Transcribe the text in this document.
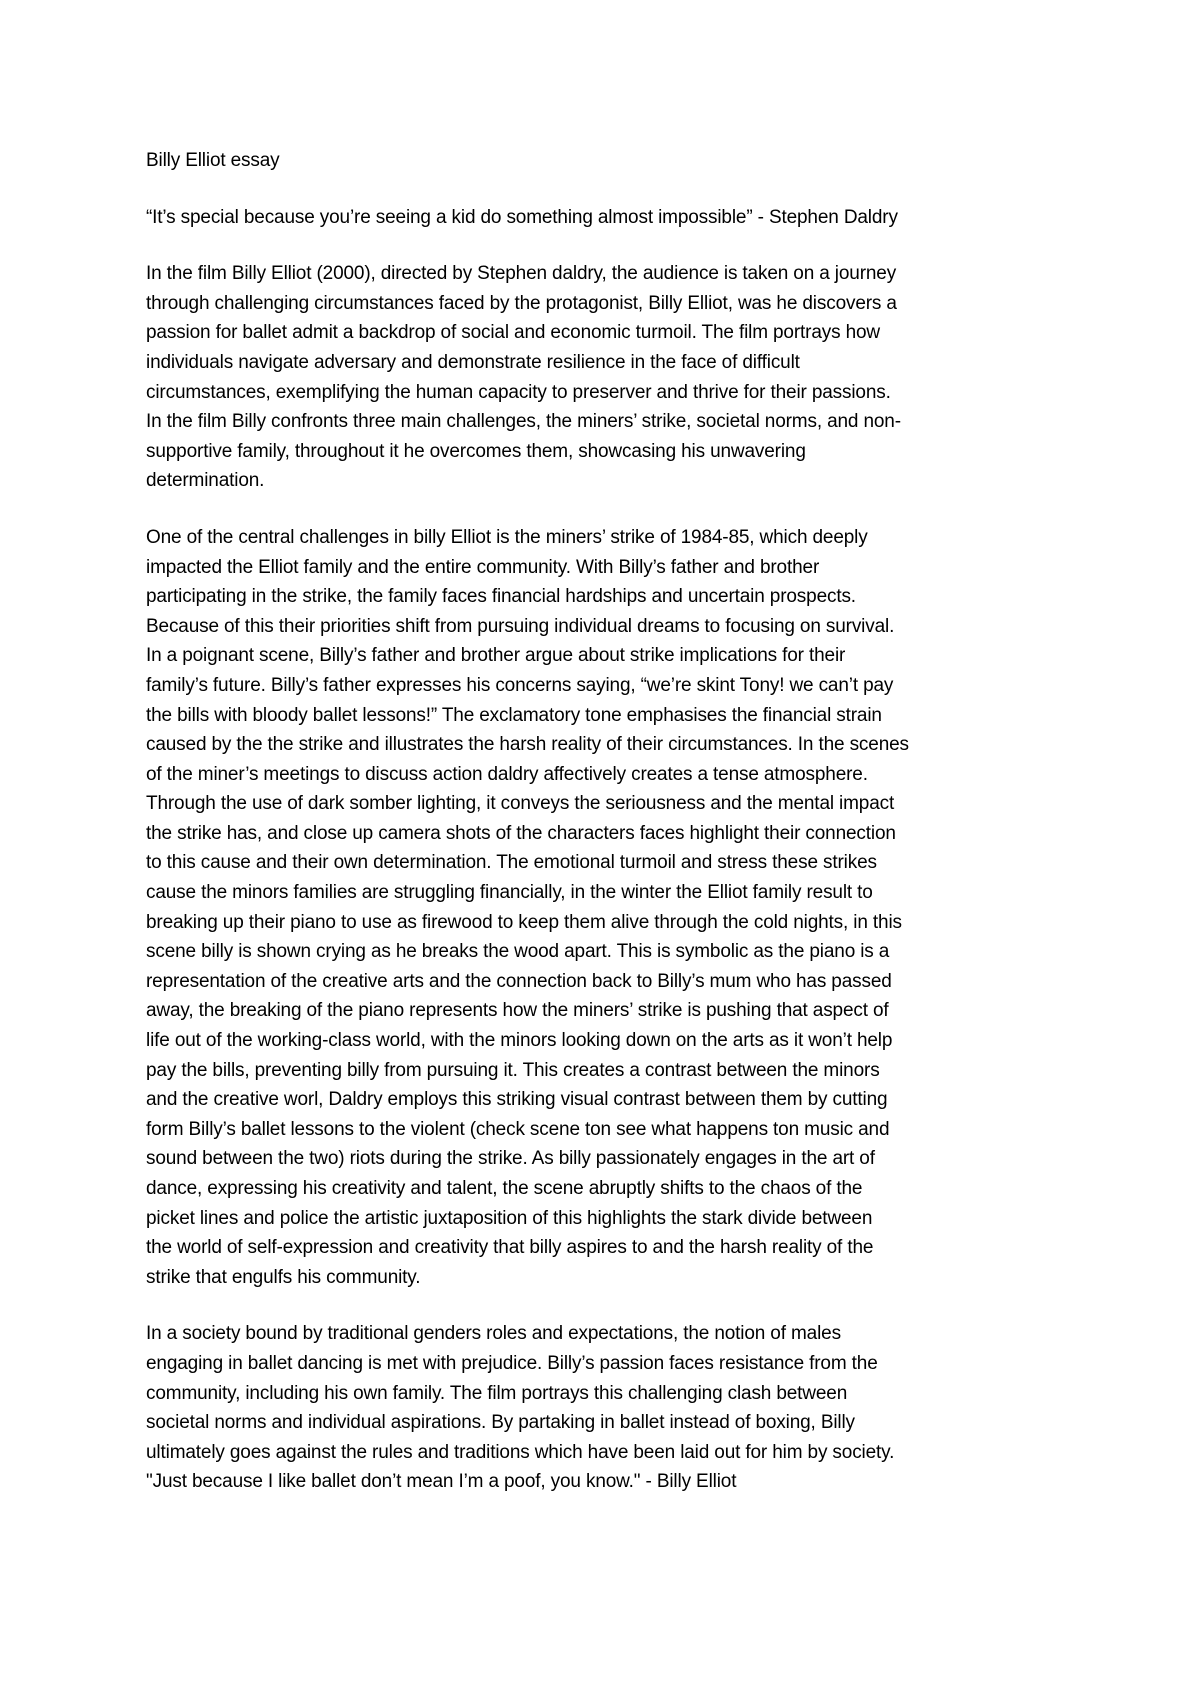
Billy Elliot essay

“It’s special because you’re seeing a kid do something almost impossible” - Stephen Daldry

In the film Billy Elliot (2000), directed by Stephen daldry, the audience is taken on a journey
through challenging circumstances faced by the protagonist, Billy Elliot, was he discovers a
passion for ballet admit a backdrop of social and economic turmoil. The film portrays how
individuals navigate adversary and demonstrate resilience in the face of difficult
circumstances, exemplifying the human capacity to preserver and thrive for their passions.
In the film Billy confronts three main challenges, the miners’ strike, societal norms, and non-
supportive family, throughout it he overcomes them, showcasing his unwavering
determination.

One of the central challenges in billy Elliot is the miners’ strike of 1984-85, which deeply
impacted the Elliot family and the entire community. With Billy’s father and brother
participating in the strike, the family faces financial hardships and uncertain prospects.
Because of this their priorities shift from pursuing individual dreams to focusing on survival.
In a poignant scene, Billy’s father and brother argue about strike implications for their
family’s future. Billy’s father expresses his concerns saying, “we’re skint Tony! we can’t pay
the bills with bloody ballet lessons!” The exclamatory tone emphasises the financial strain
caused by the the strike and illustrates the harsh reality of their circumstances. In the scenes
of the miner’s meetings to discuss action daldry affectively creates a tense atmosphere.
Through the use of dark somber lighting, it conveys the seriousness and the mental impact
the strike has, and close up camera shots of the characters faces highlight their connection
to this cause and their own determination. The emotional turmoil and stress these strikes
cause the minors families are struggling financially, in the winter the Elliot family result to
breaking up their piano to use as firewood to keep them alive through the cold nights, in this
scene billy is shown crying as he breaks the wood apart. This is symbolic as the piano is a
representation of the creative arts and the connection back to Billy’s mum who has passed
away, the breaking of the piano represents how the miners’ strike is pushing that aspect of
life out of the working-class world, with the minors looking down on the arts as it won’t help
pay the bills, preventing billy from pursuing it. This creates a contrast between the minors
and the creative worl, Daldry employs this striking visual contrast between them by cutting
form Billy’s ballet lessons to the violent (check scene ton see what happens ton music and
sound between the two) riots during the strike. As billy passionately engages in the art of
dance, expressing his creativity and talent, the scene abruptly shifts to the chaos of the
picket lines and police the artistic juxtaposition of this highlights the stark divide between
the world of self-expression and creativity that billy aspires to and the harsh reality of the
strike that engulfs his community.

In a society bound by traditional genders roles and expectations, the notion of males
engaging in ballet dancing is met with prejudice. Billy’s passion faces resistance from the
community, including his own family. The film portrays this challenging clash between
societal norms and individual aspirations. By partaking in ballet instead of boxing, Billy
ultimately goes against the rules and traditions which have been laid out for him by society.
"Just because I like ballet don’t mean I’m a poof, you know." - Billy Elliot
